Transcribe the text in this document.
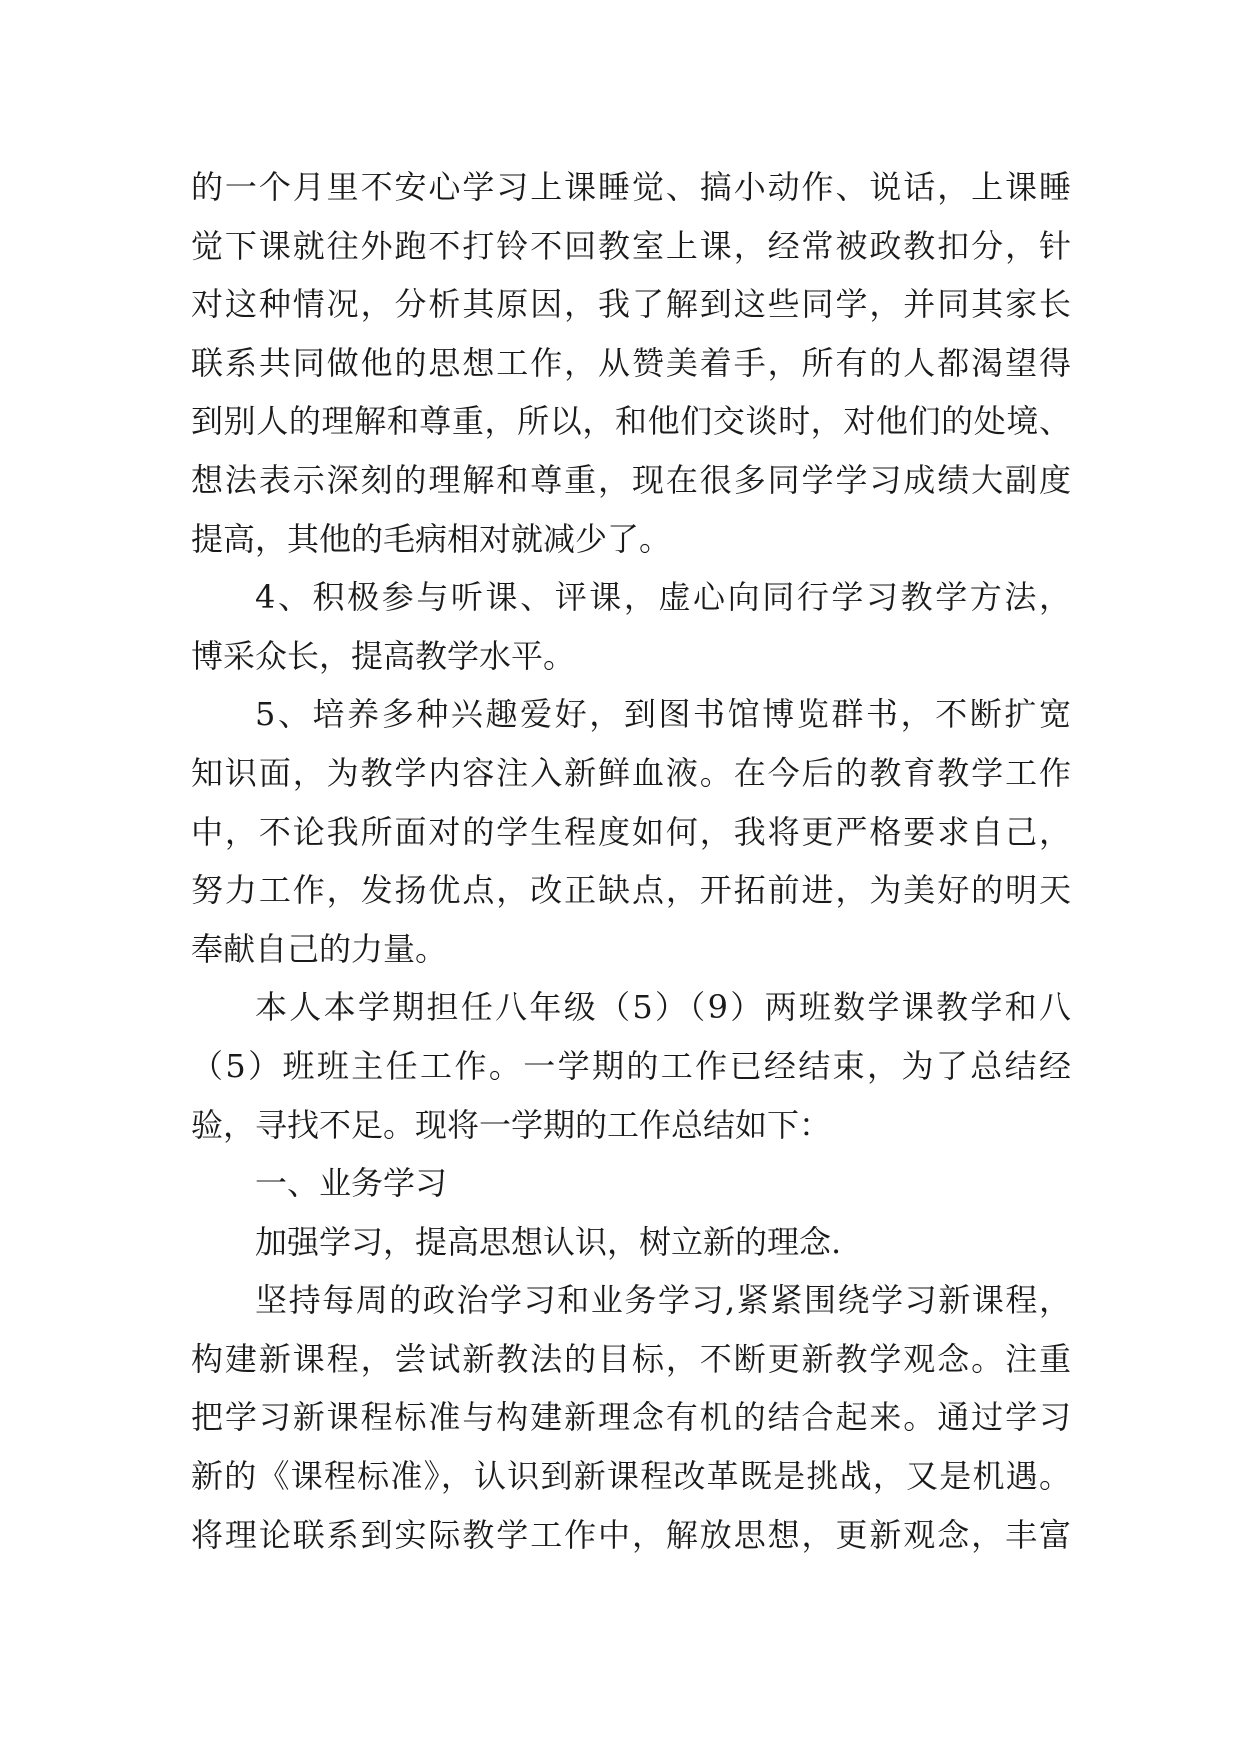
的一个月里不安心学习上课睡觉、搞小动作、说话，上课睡
觉下课就往外跑不打铃不回教室上课，经常被政教扣分，针
对这种情况，分析其原因，我了解到这些同学，并同其家长
联系共同做他的思想工作，从赞美着手，所有的人都渴望得
到别人的理解和尊重，所以，和他们交谈时，对他们的处境、
想法表示深刻的理解和尊重，现在很多同学学习成绩大副度
提高，其他的毛病相对就减少了。
4、积极参与听课、评课，虚心向同行学习教学方法，
博采众长，提高教学水平。
5、培养多种兴趣爱好，到图书馆博览群书，不断扩宽
知识面，为教学内容注入新鲜血液。在今后的教育教学工作
中，不论我所面对的学生程度如何，我将更严格要求自己，
努力工作，发扬优点，改正缺点，开拓前进，为美好的明天
奉献自己的力量。
本人本学期担任八年级（5）（9）两班数学课教学和八
（5）班班主任工作。一学期的工作已经结束，为了总结经
验，寻找不足。现将一学期的工作总结如下：
一、业务学习
加强学习，提高思想认识，树立新的理念.
坚持每周的政治学习和业务学习,紧紧围绕学习新课程，
构建新课程，尝试新教法的目标，不断更新教学观念。注重
把学习新课程标准与构建新理念有机的结合起来。通过学习
新的《课程标准》，认识到新课程改革既是挑战，又是机遇。
将理论联系到实际教学工作中，解放思想，更新观念，丰富
